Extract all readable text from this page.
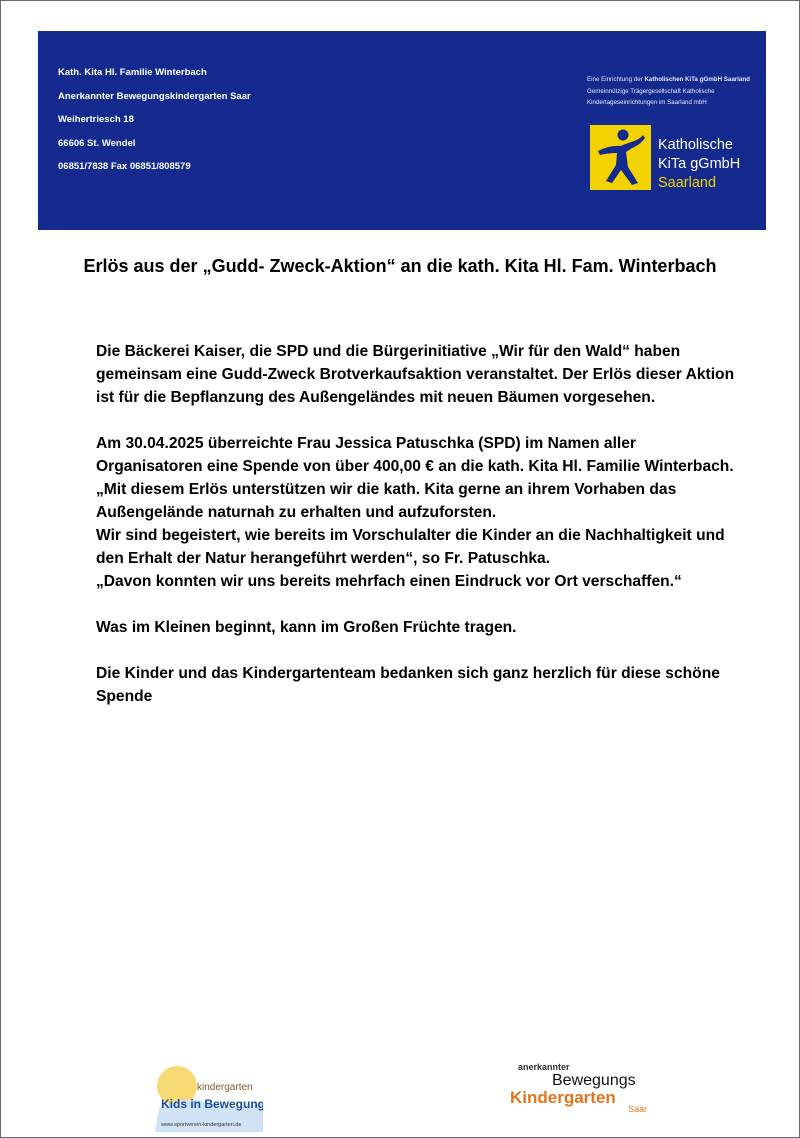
Kath. Kita Hl. Familie Winterbach
Anerkannter Bewegungskindergarten Saar
Weihertriesch 18
66606 St. Wendel
06851/7838 Fax 06851/808579
Eine Einrichtung der Katholischen KiTa gGmbH Saarland
Gemeinnützige Trägergesellschaft Katholische
Kindertageseinrichtungen im Saarland mbH
Katholische
KiTa gGmbH
Saarland
Erlös aus der „Gudd- Zweck-Aktion“ an die kath. Kita Hl. Fam. Winterbach
Die Bäckerei Kaiser, die SPD und die Bürgerinitiative „Wir für den Wald“ haben gemeinsam eine Gudd-Zweck Brotverkaufsaktion veranstaltet. Der Erlös dieser Aktion ist für die Bepflanzung des Außengeländes mit neuen Bäumen vorgesehen.
Am 30.04.2025 überreichte Frau Jessica Patuschka (SPD) im Namen aller Organisatoren eine Spende von über 400,00 € an die kath. Kita Hl. Familie Winterbach.
„Mit diesem Erlös unterstützen wir die kath. Kita gerne an ihrem Vorhaben das Außengelände naturnah zu erhalten und aufzuforsten.
Wir sind begeistert, wie bereits im Vorschulalter die Kinder an die Nachhaltigkeit und den Erhalt der Natur herangeführt werden“, so Fr. Patuschka.
„Davon konnten wir uns bereits mehrfach einen Eindruck vor Ort verschaffen.“
Was im Kleinen beginnt, kann im Großen Früchte tragen.
Die Kinder und das Kindergartenteam bedanken sich ganz herzlich für diese schöne Spende
kindergarten
Kids in Bewegung
www.sportverein-kindergarten.de
anerkannter
Bewegungs
Kindergarten
Saar
